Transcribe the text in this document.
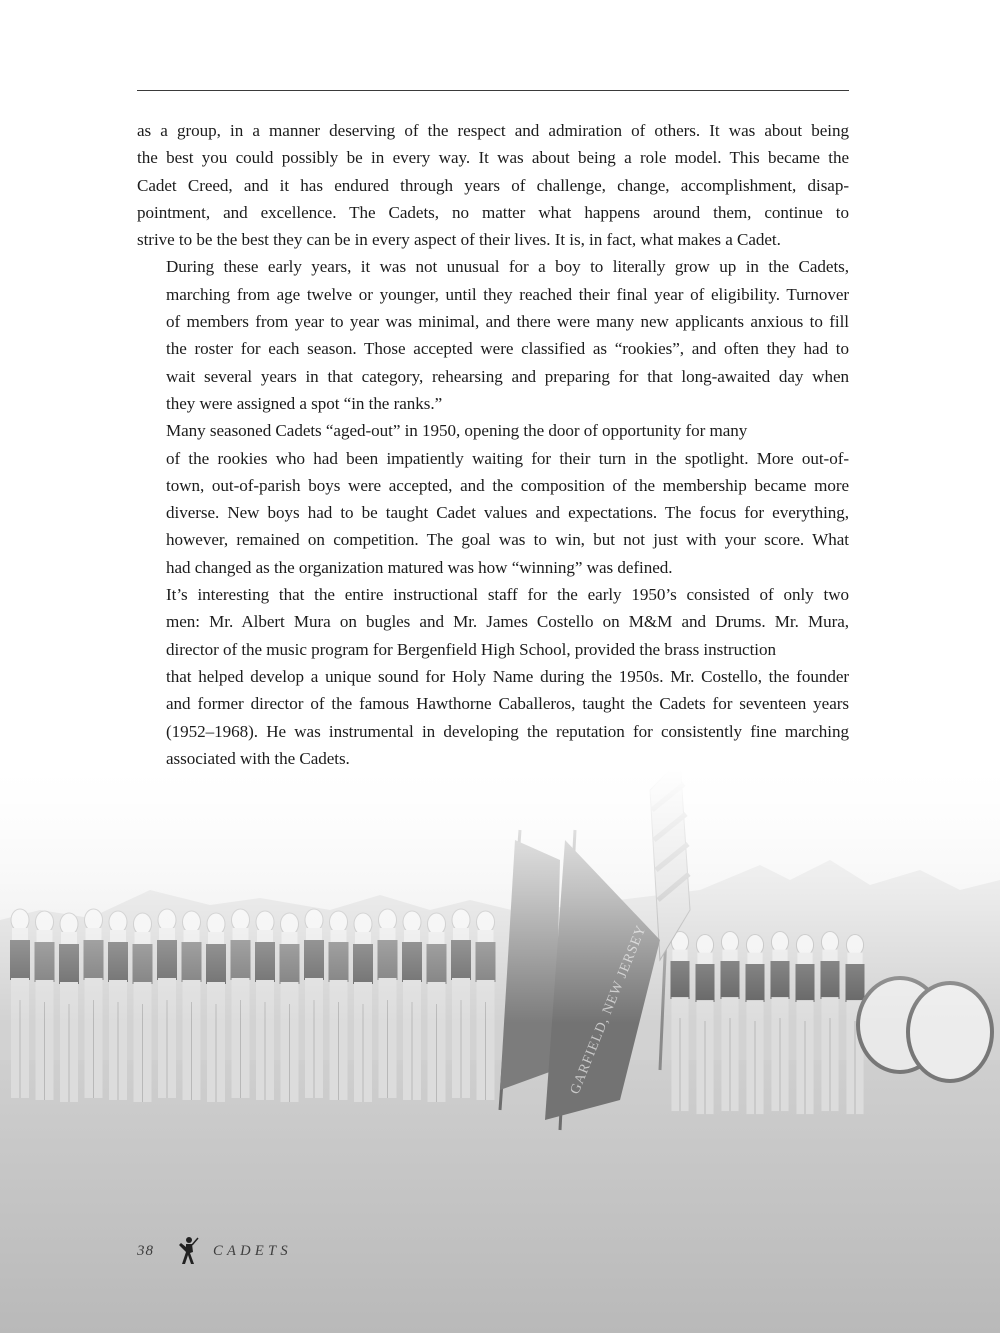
as a group, in a manner deserving of the respect and admiration of others. It was about being
the best you could possibly be in every way. It was about being a role model. This became the
Cadet Creed, and it has endured through years of challenge, change, accomplishment, disap-
pointment, and excellence. The Cadets, no matter what happens around them, continue to
strive to be the best they can be in every aspect of their lives. It is, in fact, what makes a Cadet.

During these early years, it was not unusual for a boy to literally grow up in the Cadets,
marching from age twelve or younger, until they reached their final year of eligibility. Turnover
of members from year to year was minimal, and there were many new applicants anxious to fill
the roster for each season. Those accepted were classified as “rookies”, and often they had to
wait several years in that category, rehearsing and preparing for that long-awaited day when
they were assigned a spot “in the ranks.”

Many seasoned Cadets “aged-out” in 1950, opening the door of opportunity for many
of the rookies who had been impatiently waiting for their turn in the spotlight. More out-of-
town, out-of-parish boys were accepted, and the composition of the membership became more
diverse. New boys had to be taught Cadet values and expectations. The focus for everything,
however, remained on competition. The goal was to win, but not just with your score. What
had changed as the organization matured was how “winning” was defined.

It’s interesting that the entire instructional staff for the early 1950’s consisted of only two
men: Mr. Albert Mura on bugles and Mr. James Costello on M&M and Drums. Mr. Mura,
director of the music program for Bergenfield High School, provided the brass instruction
that helped develop a unique sound for Holy Name during the 1950s. Mr. Costello, the founder
and former director of the famous Hawthorne Caballeros, taught the Cadets for seventeen years
(1952–1968). He was instrumental in developing the reputation for consistently fine marching
associated with the Cadets.

38	CADETS
